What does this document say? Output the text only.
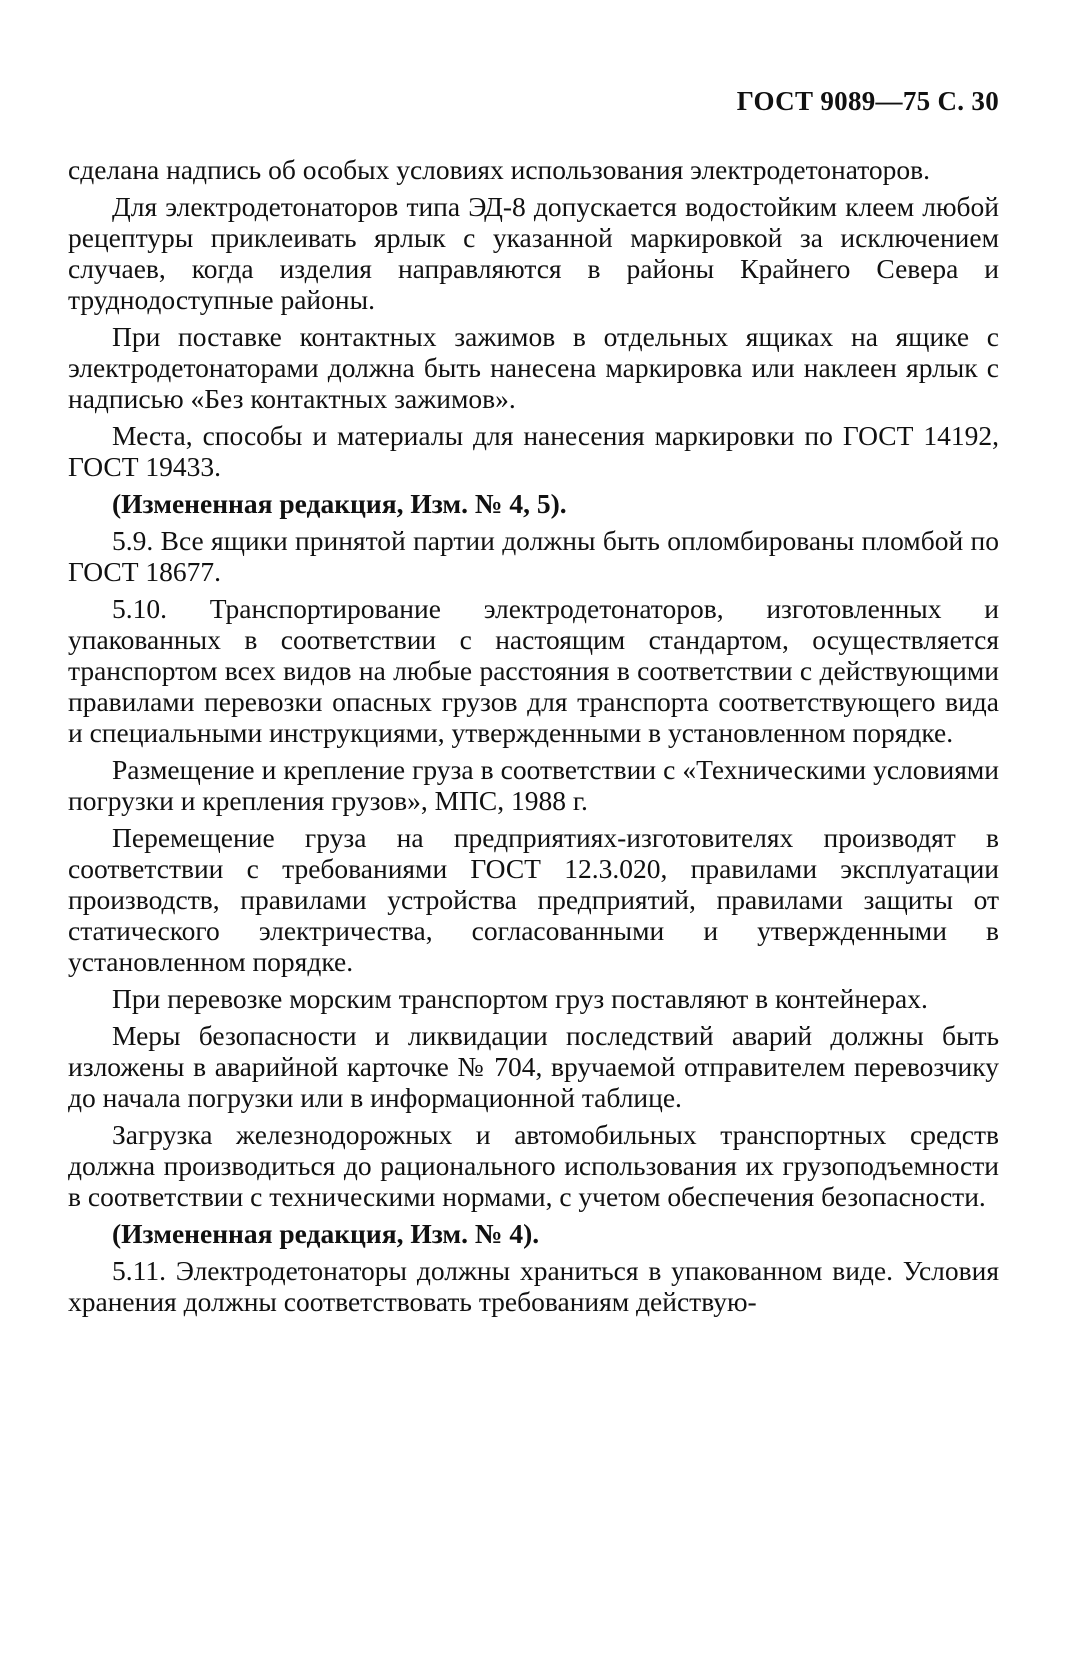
ГОСТ 9089—75 С. 30

сделана надпись об особых условиях использования электродетонаторов.

Для электродетонаторов типа ЭД-8 допускается водостойким клеем любой рецептуры приклеивать ярлык с указанной маркировкой за исключением случаев, когда изделия направляются в районы Крайнего Севера и труднодоступные районы.

При поставке контактных зажимов в отдельных ящиках на ящике с электродетонаторами должна быть нанесена маркировка или наклеен ярлык с надписью «Без контактных зажимов».

Места, способы и материалы для нанесения маркировки по ГОСТ 14192, ГОСТ 19433.

(Измененная редакция, Изм. № 4, 5).

5.9. Все ящики принятой партии должны быть опломбированы пломбой по ГОСТ 18677.

5.10. Транспортирование электродетонаторов, изготовленных и упакованных в соответствии с настоящим стандартом, осуществляется транспортом всех видов на любые расстояния в соответствии с действующими правилами перевозки опасных грузов для транспорта соответствующего вида и специальными инструкциями, утвержденными в установленном порядке.

Размещение и крепление груза в соответствии с «Техническими условиями погрузки и крепления грузов», МПС, 1988 г.

Перемещение груза на предприятиях-изготовителях производят в соответствии с требованиями ГОСТ 12.3.020, правилами эксплуатации производств, правилами устройства предприятий, правилами защиты от статического электричества, согласованными и утвержденными в установленном порядке.

При перевозке морским транспортом груз поставляют в контейнерах.

Меры безопасности и ликвидации последствий аварий должны быть изложены в аварийной карточке № 704, вручаемой отправителем перевозчику до начала погрузки или в информационной таблице.

Загрузка железнодорожных и автомобильных транспортных средств должна производиться до рационального использования их грузоподъемности в соответствии с техническими нормами, с учетом обеспечения безопасности.

(Измененная редакция, Изм. № 4).

5.11. Электродетонаторы должны храниться в упакованном виде. Условия хранения должны соответствовать требованиям действую-
